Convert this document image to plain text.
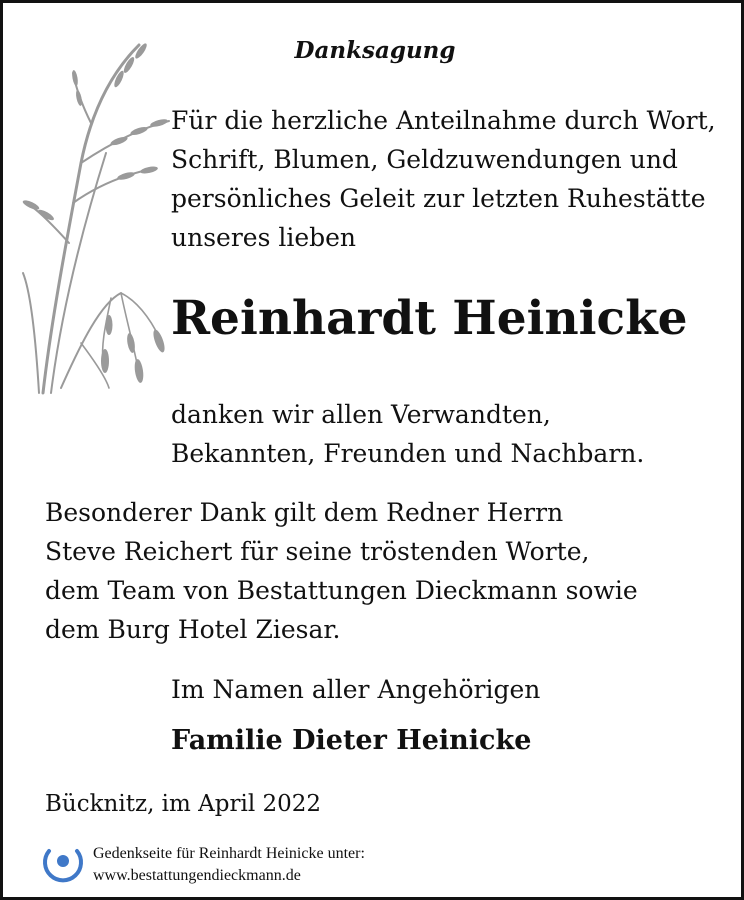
Danksagung
Für die herzliche Anteilnahme durch Wort,
Schrift, Blumen, Geldzuwendungen und
persönliches Geleit zur letzten Ruhestätte
unseres lieben
Reinhardt Heinicke
danken wir allen Verwandten,
Bekannten, Freunden und Nachbarn.
Besonderer Dank gilt dem Redner Herrn
Steve Reichert für seine tröstenden Worte,
dem Team von Bestattungen Dieckmann sowie
dem Burg Hotel Ziesar.
Im Namen aller Angehörigen
Familie Dieter Heinicke
Bücknitz, im April 2022
Gedenkseite für Reinhardt Heinicke unter:
www.bestattungendieckmann.de
